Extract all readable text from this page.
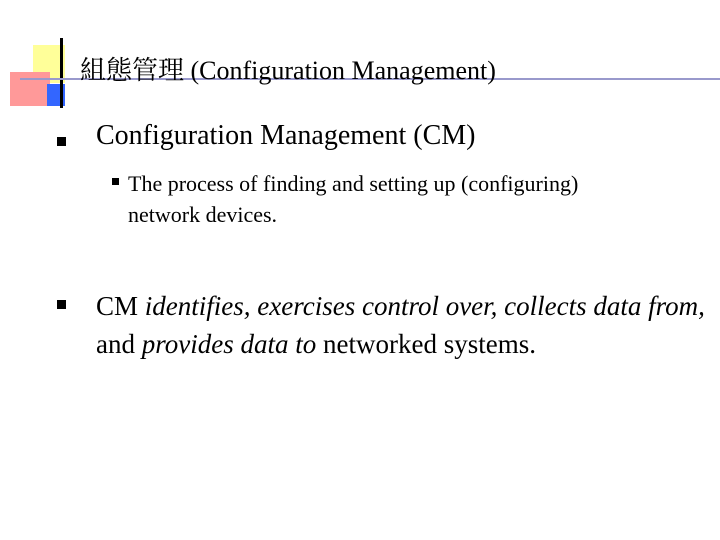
組態管理 (Configuration Management)

Configuration Management (CM)

The process of finding and setting up (configuring) network devices.

CM identifies, exercises control over, collects data from, and provides data to networked systems.
